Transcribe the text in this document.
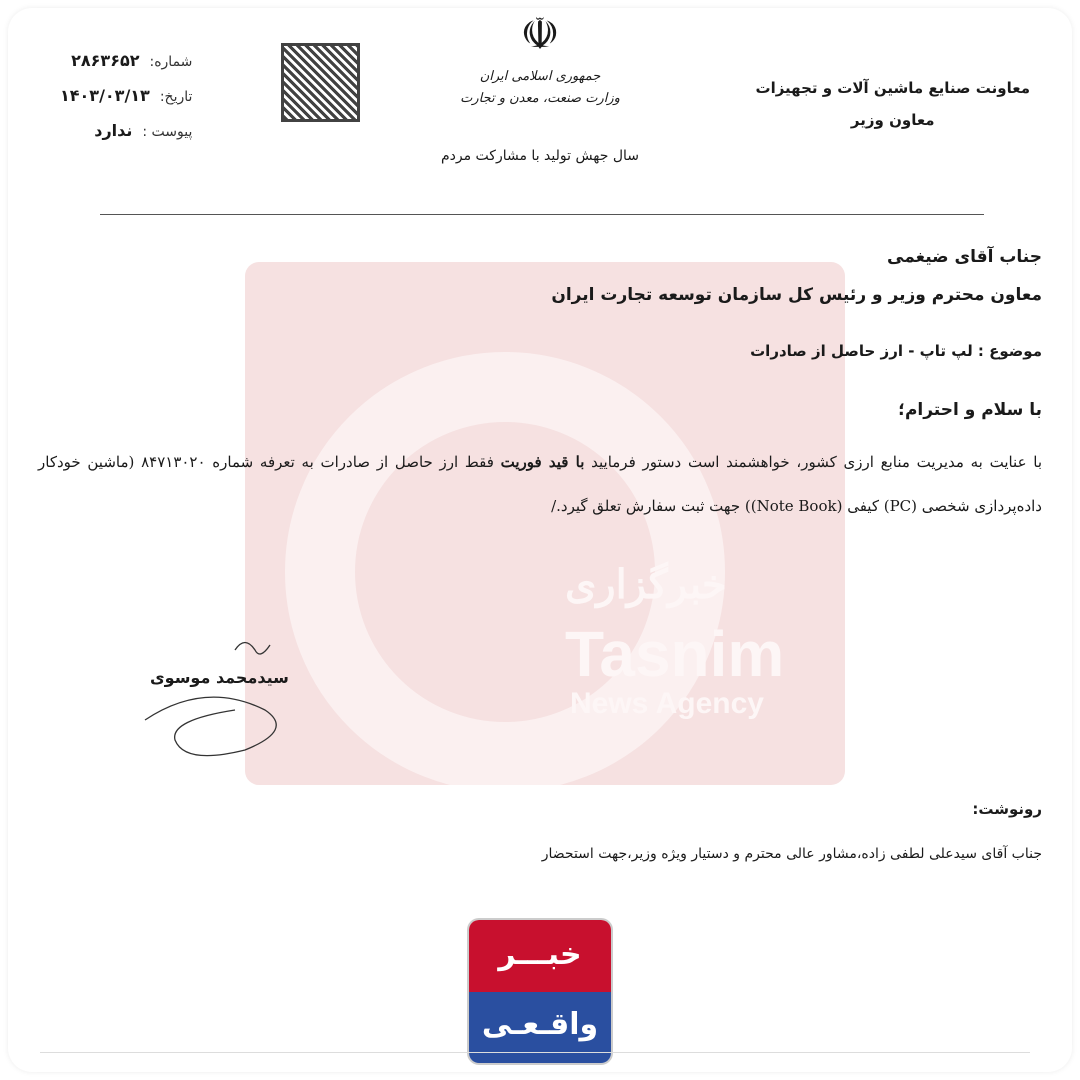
خبرگزاری
Tasnim
News Agency
معاونت صنایع ماشین آلات و تجهیزات
معاون وزیر
☫
جمهوری اسلامی ایران
وزارت صنعت، معدن و تجارت
سال جهش تولید با مشارکت مردم
شماره:۲۸۶۳۶۵۲
تاریخ:۱۴۰۳/۰۳/۱۳
پیوست :ندارد
جناب آقای ضیغمی
معاون محترم وزیر و رئیس کل سازمان توسعه تجارت ایران
موضوع : لپ تاپ - ارز حاصل از صادرات
با سلام و احترام؛
با عنایت به مدیریت منابع ارزی کشور، خواهشمند است دستور فرمایید با قید فوریت فقط ارز حاصل از صادرات به تعرفه شماره ۸۴۷۱۳۰۲۰ (ماشین خودکار داده‌پردازی شخصی (PC) کیفی (Note Book)) جهت ثبت سفارش تعلق گیرد./
سیدمحمد موسوی
رونوشت:
جناب آقای سیدعلی لطفی زاده،مشاور عالی محترم و دستیار ویژه وزیر،جهت استحضار
خبـــر
واقـعـی
